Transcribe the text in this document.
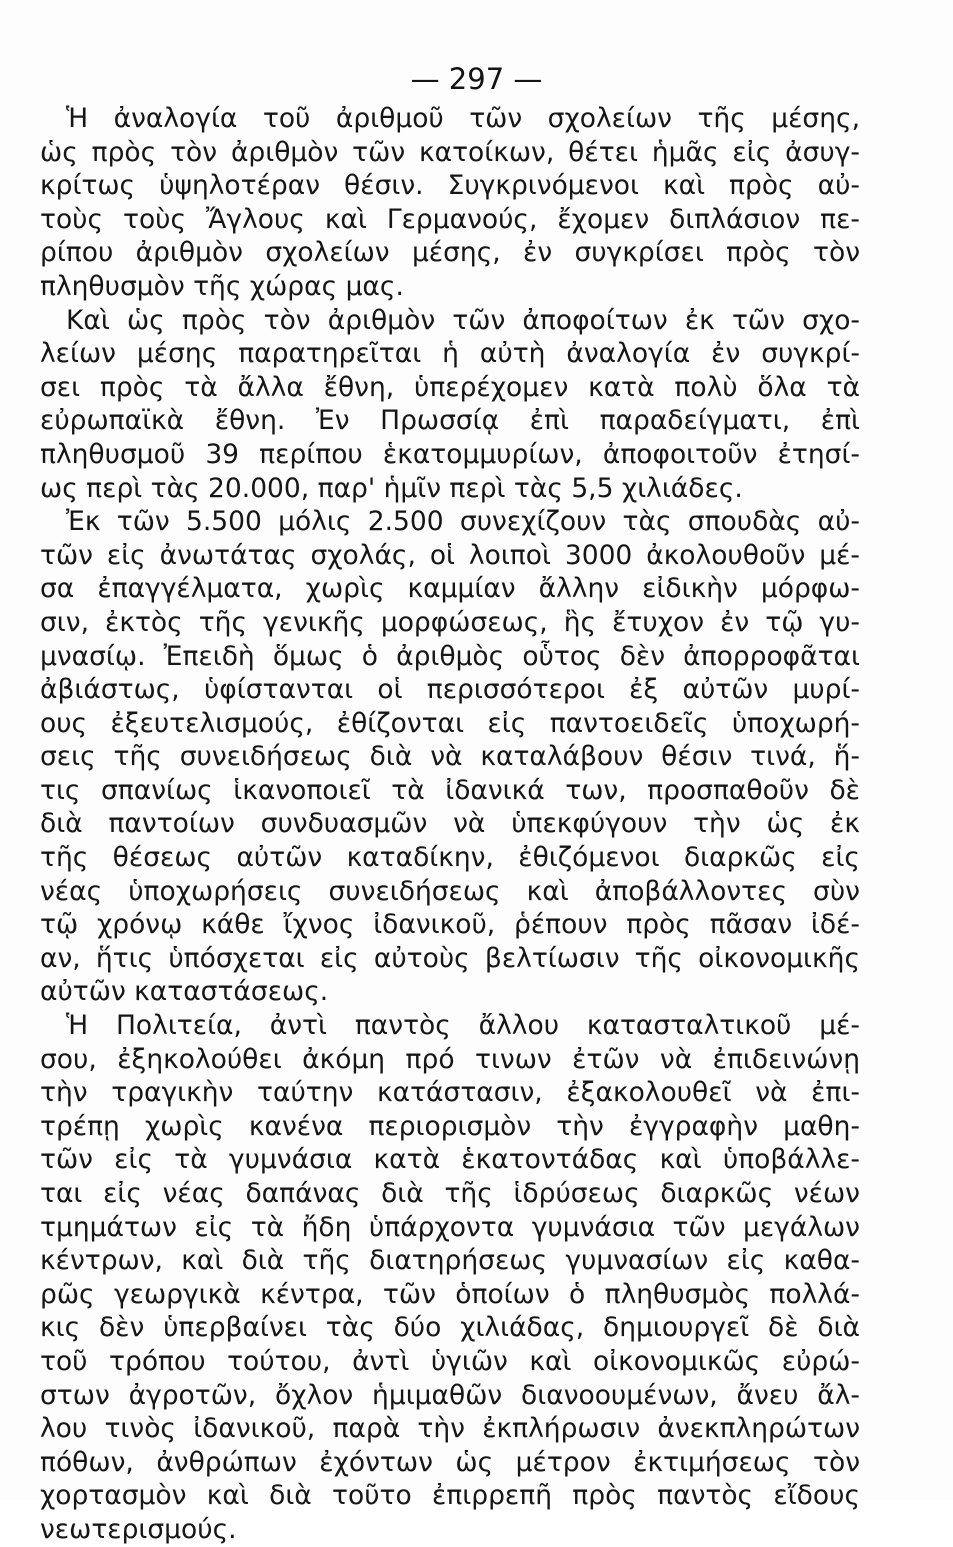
— 297 —
Ἡ ἀναλογία τοῦ ἀριθμοῦ τῶν σχολείων τῆς μέσης,
ὡς πρὸς τὸν ἀριθμὸν τῶν κατοίκων, θέτει ἡμᾶς εἰς ἀσυγ-
κρίτως ὑψηλοτέραν θέσιν. Συγκρινόμενοι καὶ πρὸς αὐ-
τοὺς τοὺς Ἄγλους καὶ Γερμανούς, ἔχομεν διπλάσιον πε-
ρίπου ἀριθμὸν σχολείων μέσης, ἐν συγκρίσει πρὸς τὸν
πληθυσμὸν τῆς χώρας μας.
Καὶ ὡς πρὸς τὸν ἀριθμὸν τῶν ἀποφοίτων ἐκ τῶν σχο-
λείων μέσης παρατηρεῖται ἡ αὐτὴ ἀναλογία ἐν συγκρί-
σει πρὸς τὰ ἄλλα ἔθνη, ὑπερέχομεν κατὰ πολὺ ὅλα τὰ
εὐρωπαϊκὰ ἔθνη. Ἐν Πρωσσίᾳ ἐπὶ παραδείγματι, ἐπὶ
πληθυσμοῦ 39 περίπου ἑκατομμυρίων, ἀποφοιτοῦν ἐτησί-
ως περὶ τὰς 20.000, παρ' ἡμῖν περὶ τὰς 5,5 χιλιάδες.
Ἐκ τῶν 5.500 μόλις 2.500 συνεχίζουν τὰς σπουδὰς αὐ-
τῶν εἰς ἀνωτάτας σχολάς, οἱ λοιποὶ 3000 ἀκολουθοῦν μέ-
σα ἐπαγγέλματα, χωρὶς καμμίαν ἄλλην εἰδικὴν μόρφω-
σιν, ἐκτὸς τῆς γενικῆς μορφώσεως, ἣς ἔτυχον ἐν τῷ γυ-
μνασίῳ. Ἐπειδὴ ὅμως ὁ ἀριθμὸς οὗτος δὲν ἀπορροφᾶται
ἀβιάστως, ὑφίστανται οἱ περισσότεροι ἐξ αὐτῶν μυρί-
ους ἐξευτελισμούς, ἐθίζονται εἰς παντοειδεῖς ὑποχωρή-
σεις τῆς συνειδήσεως διὰ νὰ καταλάβουν θέσιν τινά, ἥ-
τις σπανίως ἱκανοποιεῖ τὰ ἰδανικά των, προσπαθοῦν δὲ
διὰ παντοίων συνδυασμῶν νὰ ὑπεκφύγουν τὴν ὡς ἐκ
τῆς θέσεως αὐτῶν καταδίκην, ἐθιζόμενοι διαρκῶς εἰς
νέας ὑποχωρήσεις συνειδήσεως καὶ ἀποβάλλοντες σὺν
τῷ χρόνῳ κάθε ἴχνος ἰδανικοῦ, ῥέπουν πρὸς πᾶσαν ἰδέ-
αν, ἥτις ὑπόσχεται εἰς αὐτοὺς βελτίωσιν τῆς οἰκονομικῆς
αὐτῶν καταστάσεως.
Ἡ Πολιτεία, ἀντὶ παντὸς ἄλλου κατασταλτικοῦ μέ-
σου, ἐξηκολούθει ἀκόμη πρό τινων ἐτῶν νὰ ἐπιδεινώνῃ
τὴν τραγικὴν ταύτην κατάστασιν, ἐξακολουθεῖ νὰ ἐπι-
τρέπῃ χωρὶς κανένα περιορισμὸν τὴν ἐγγραφὴν μαθη-
τῶν εἰς τὰ γυμνάσια κατὰ ἑκατοντάδας καὶ ὑποβάλλε-
ται εἰς νέας δαπάνας διὰ τῆς ἱδρύσεως διαρκῶς νέων
τμημάτων εἰς τὰ ἤδη ὑπάρχοντα γυμνάσια τῶν μεγάλων
κέντρων, καὶ διὰ τῆς διατηρήσεως γυμνασίων εἰς καθα-
ρῶς γεωργικὰ κέντρα, τῶν ὁποίων ὁ πληθυσμὸς πολλά-
κις δὲν ὑπερβαίνει τὰς δύο χιλιάδας, δημιουργεῖ δὲ διὰ
τοῦ τρόπου τούτου, ἀντὶ ὑγιῶν καὶ οἰκονομικῶς εὐρώ-
στων ἀγροτῶν, ὄχλον ἡμιμαθῶν διανοουμένων, ἄνευ ἄλ-
λου τινὸς ἰδανικοῦ, παρὰ τὴν ἐκπλήρωσιν ἀνεκπληρώτων
πόθων, ἀνθρώπων ἐχόντων ὡς μέτρον ἐκτιμήσεως τὸν
χορτασμὸν καὶ διὰ τοῦτο ἐπιρρεπῆ πρὸς παντὸς εἴδους
νεωτερισμούς.
